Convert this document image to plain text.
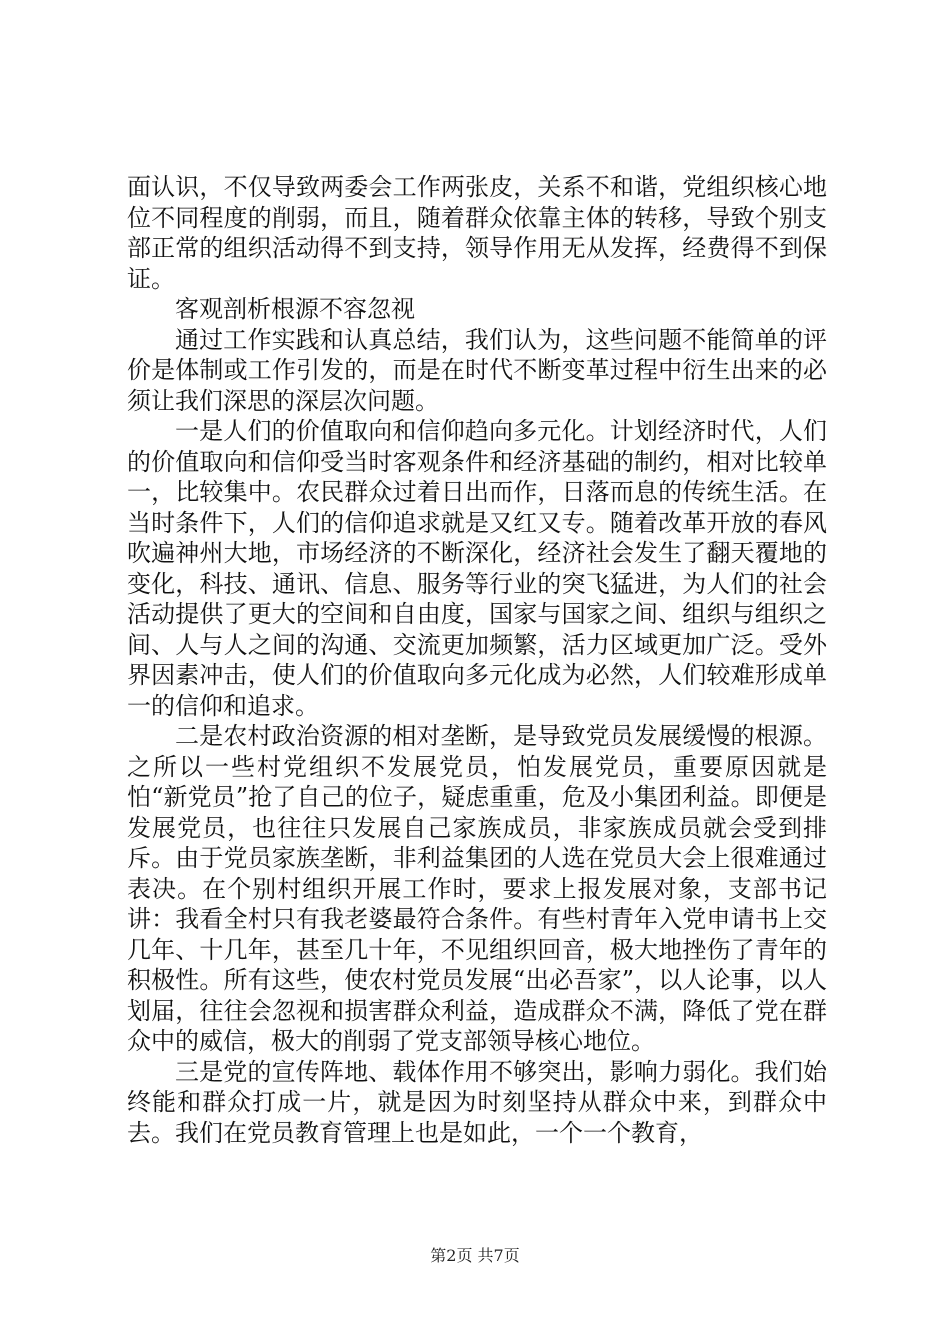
面认识，不仅导致两委会工作两张皮，关系不和谐，党组织核心地位不同程度的削弱，而且，随着群众依靠主体的转移，导致个别支部正常的组织活动得不到支持，领导作用无从发挥，经费得不到保证。

客观剖析根源不容忽视

通过工作实践和认真总结，我们认为，这些问题不能简单的评价是体制或工作引发的，而是在时代不断变革过程中衍生出来的必须让我们深思的深层次问题。

一是人们的价值取向和信仰趋向多元化。计划经济时代，人们的价值取向和信仰受当时客观条件和经济基础的制约，相对比较单一，比较集中。农民群众过着日出而作，日落而息的传统生活。在当时条件下，人们的信仰追求就是又红又专。随着改革开放的春风吹遍神州大地，市场经济的不断深化，经济社会发生了翻天覆地的变化，科技、通讯、信息、服务等行业的突飞猛进，为人们的社会活动提供了更大的空间和自由度，国家与国家之间、组织与组织之间、人与人之间的沟通、交流更加频繁，活力区域更加广泛。受外界因素冲击，使人们的价值取向多元化成为必然，人们较难形成单一的信仰和追求。

二是农村政治资源的相对垄断，是导致党员发展缓慢的根源。之所以一些村党组织不发展党员，怕发展党员，重要原因就是怕“新党员”抢了自己的位子，疑虑重重，危及小集团利益。即便是发展党员，也往往只发展自己家族成员，非家族成员就会受到排斥。由于党员家族垄断，非利益集团的人选在党员大会上很难通过表决。在个别村组织开展工作时，要求上报发展对象，支部书记讲：我看全村只有我老婆最符合条件。有些村青年入党申请书上交几年、十几年，甚至几十年，不见组织回音，极大地挫伤了青年的积极性。所有这些，使农村党员发展“出必吾家”，以人论事，以人划届，往往会忽视和损害群众利益，造成群众不满，降低了党在群众中的威信，极大的削弱了党支部领导核心地位。

三是党的宣传阵地、载体作用不够突出，影响力弱化。我们始终能和群众打成一片，就是因为时刻坚持从群众中来，到群众中去。我们在党员教育管理上也是如此，一个一个教育，

第2页 共7页
